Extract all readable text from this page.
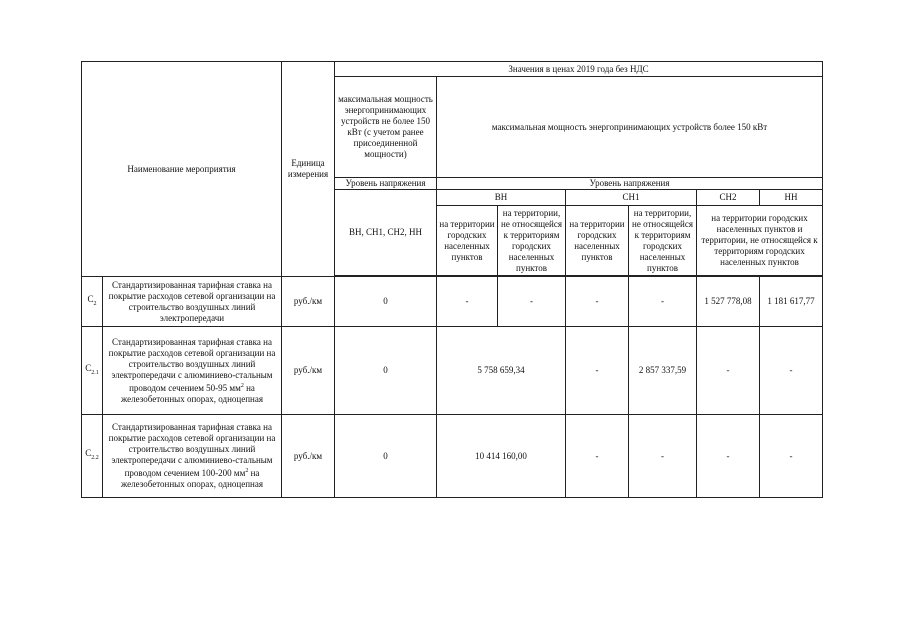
Наименование мероприятия		Единица измерения	Значения в ценах 2019 года без НДС						
			максимальная мощность энергопринимающих устройств не более 150 кВт (с учетом ранее присоединенной мощности)	максимальная мощность энергопринимающих устройств более 150 кВт					
			Уровень напряжения	Уровень напряжения					
			ВН, СН1, СН2, НН	ВН		СН1		СН2	НН
				на территории городских населенных пунктов	на территории, не относящейся к территориям городских населенных пунктов	на территории городских населенных пунктов	на территории, не относящейся к территориям городских населенных пунктов	на территории городских населенных пунктов и территории, не относящейся к территориям городских населенных пунктов	

$С_2$	Стандартизированная тарифная ставка на покрытие расходов сетевой организации на строительство воздушных линий электропередачи	руб./км	0	-	-	-	-	1 527 778,08	1 181 617,77
$С_{2.1}$	Стандартизированная тарифная ставка на покрытие расходов сетевой организации на строительство воздушных линий электропередачи с алюминиево-стальным проводом сечением 50-95 $мм^2$ на железобетонных опорах, одноцепная	руб./км	0	5 758 659,34		-	2 857 337,59	-	-
$С_{2.2}$	Стандартизированная тарифная ставка на покрытие расходов сетевой организации на строительство воздушных линий электропередачи с алюминиево-стальным проводом сечением 100-200 $мм^2$ на железобетонных опорах, одноцепная	руб./км	0	10 414 160,00		-	-	-	-
